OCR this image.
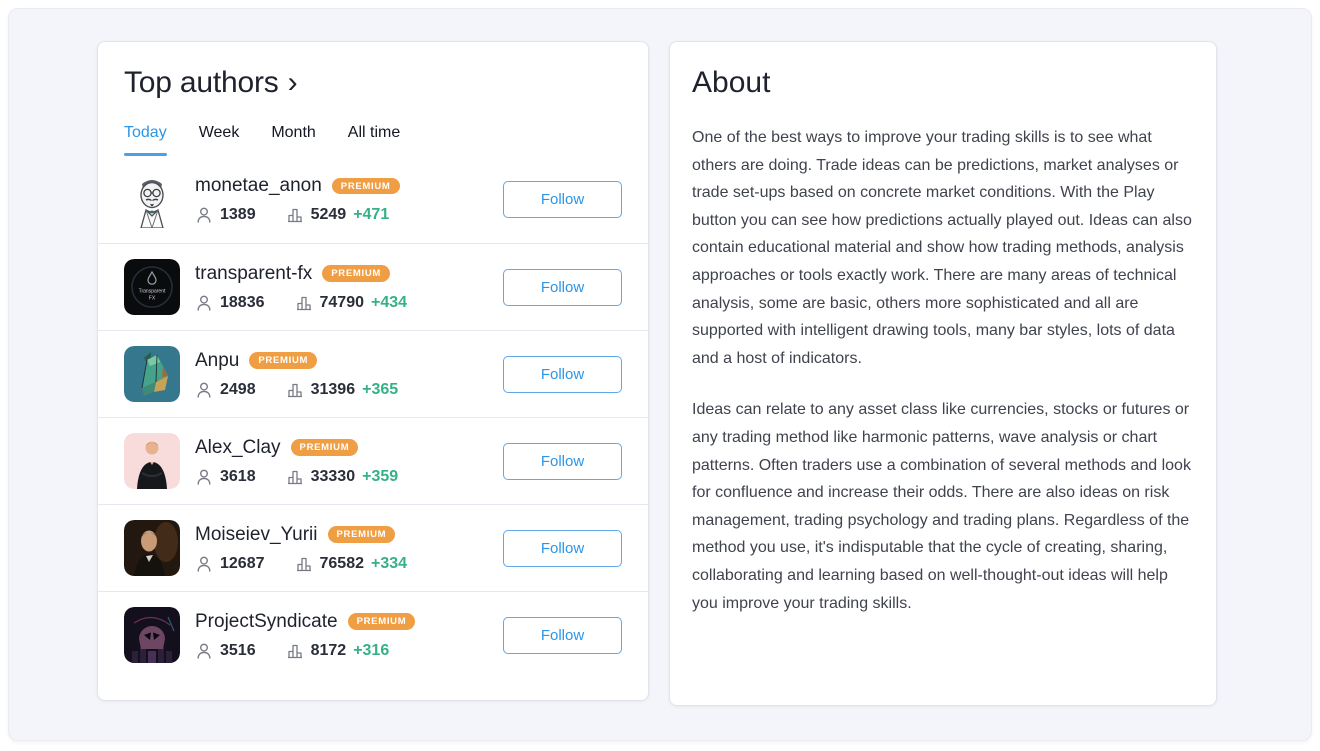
Top authors ›
Today Week Month All time
monetae_anon	PREMIUM
1389	5249 +471
Follow
Transparent
FX
transparent-fx	PREMIUM
18836	74790 +434
Follow
Anpu	PREMIUM
2498	31396 +365
Follow
Alex_Clay	PREMIUM
3618	33330 +359
Follow
Moiseiev_Yurii	PREMIUM
12687	76582 +334
Follow
ProjectSyndicate	PREMIUM
3516	8172 +316
Follow
About

One of the best ways to improve your trading skills is to see what others are doing. Trade ideas can be predictions, market analyses or trade set-ups based on concrete market conditions. With the Play button you can see how predictions actually played out. Ideas can also contain educational material and show how trading methods, analysis approaches or tools exactly work. There are many areas of technical analysis, some are basic, others more sophisticated and all are supported with intelligent drawing tools, many bar styles, lots of data and a host of indicators.

Ideas can relate to any asset class like currencies, stocks or futures or any trading method like harmonic patterns, wave analysis or chart patterns. Often traders use a combination of several methods and look for confluence and increase their odds. There are also ideas on risk management, trading psychology and trading plans. Regardless of the method you use, it's indisputable that the cycle of creating, sharing, collaborating and learning based on well-thought-out ideas will help you improve your trading skills.
